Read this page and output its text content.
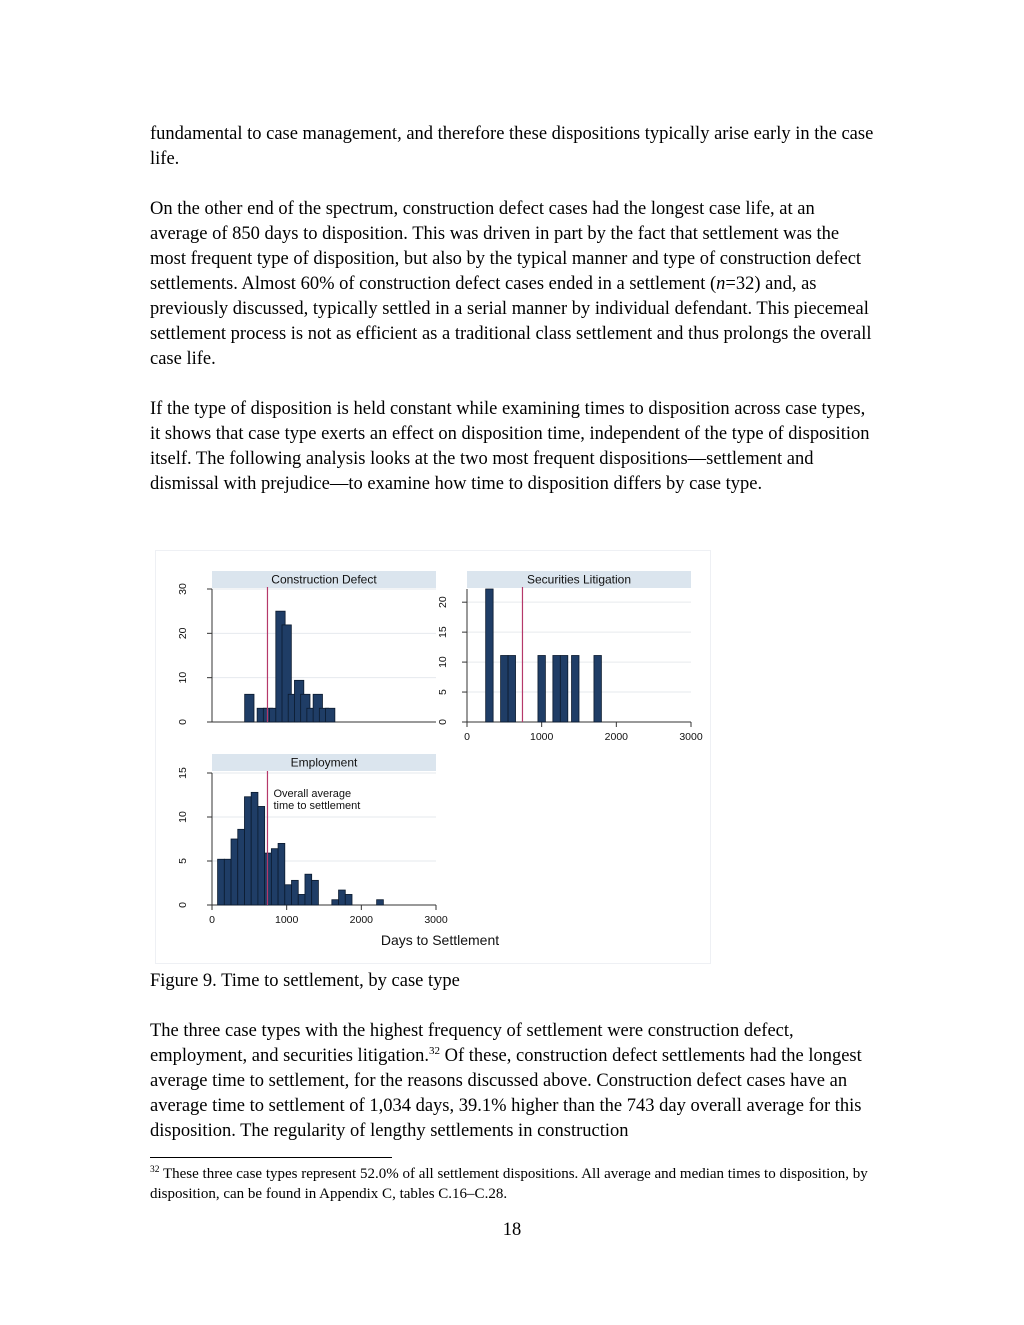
fundamental to case management, and therefore these dispositions typically arise early in the case life.

On the other end of the spectrum, construction defect cases had the longest case life, at an average of 850 days to disposition. This was driven in part by the fact that settlement was the most frequent type of disposition, but also by the typical manner and type of construction defect settlements. Almost 60% of construction defect cases ended in a settlement (n=32) and, as previously discussed, typically settled in a serial manner by individual defendant. This piecemeal settlement process is not as efficient as a traditional class settlement and thus prolongs the overall case life.

If the type of disposition is held constant while examining times to disposition across case types, it shows that case type exerts an effect on disposition time, independent of the type of disposition itself. The following analysis looks at the two most frequent dispositions—settlement and dismissal with prejudice—to examine how time to disposition differs by case type.

Construction Defect
0
10
20
30
Securities Litigation
0
5
10
15
20
0	1000	2000	3000
Employment
0
5
10
15
0	1000	2000	3000
Overall average
time to settlement
Days to Settlement

Figure 9. Time to settlement, by case type

The three case types with the highest frequency of settlement were construction defect, employment, and securities litigation.$^{32}$ Of these, construction defect settlements had the longest average time to settlement, for the reasons discussed above. Construction defect cases have an average time to settlement of 1,034 days, 39.1% higher than the 743 day overall average for this disposition. The regularity of lengthy settlements in construction

$^{32}$ These three case types represent 52.0% of all settlement dispositions. All average and median times to disposition, by disposition, can be found in Appendix C, tables C.16–C.28.

18
